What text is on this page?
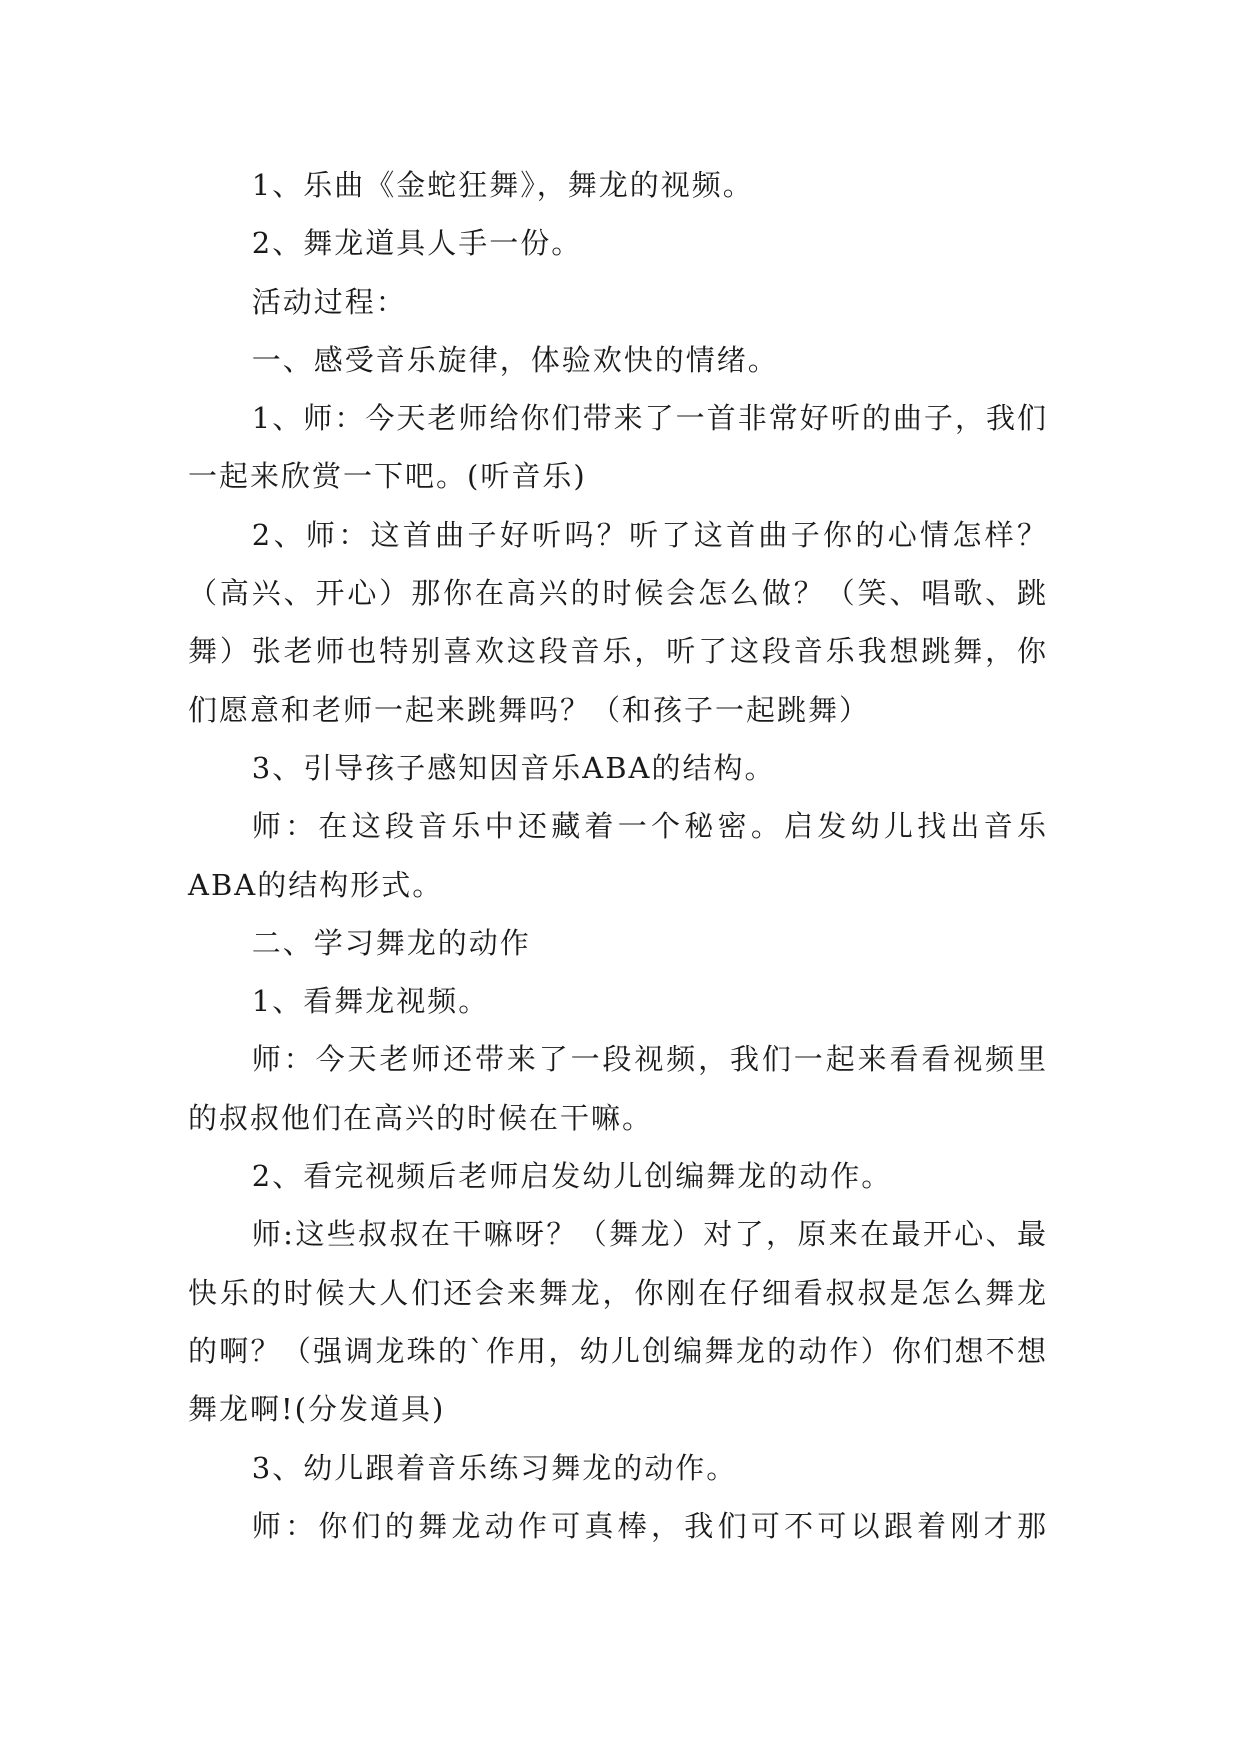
1、乐曲《金蛇狂舞》，舞龙的视频。

2、舞龙道具人手一份。

活动过程：

一、感受音乐旋律，体验欢快的情绪。

1、师：今天老师给你们带来了一首非常好听的曲子，我们一起来欣赏一下吧。(听音乐)

2、师：这首曲子好听吗？听了这首曲子你的心情怎样？（高兴、开心）那你在高兴的时候会怎么做？（笑、唱歌、跳舞）张老师也特别喜欢这段音乐，听了这段音乐我想跳舞，你们愿意和老师一起来跳舞吗？（和孩子一起跳舞）

3、引导孩子感知因音乐ABA的结构。

师：在这段音乐中还藏着一个秘密。启发幼儿找出音乐ABA的结构形式。

二、学习舞龙的动作

1、看舞龙视频。

师：今天老师还带来了一段视频，我们一起来看看视频里的叔叔他们在高兴的时候在干嘛。

2、看完视频后老师启发幼儿创编舞龙的动作。

师:这些叔叔在干嘛呀？（舞龙）对了，原来在最开心、最快乐的时候大人们还会来舞龙，你刚在仔细看叔叔是怎么舞龙的啊？（强调龙珠的`作用，幼儿创编舞龙的动作）你们想不想舞龙啊!(分发道具)

3、幼儿跟着音乐练习舞龙的动作。

师：你们的舞龙动作可真棒，我们可不可以跟着刚才那
